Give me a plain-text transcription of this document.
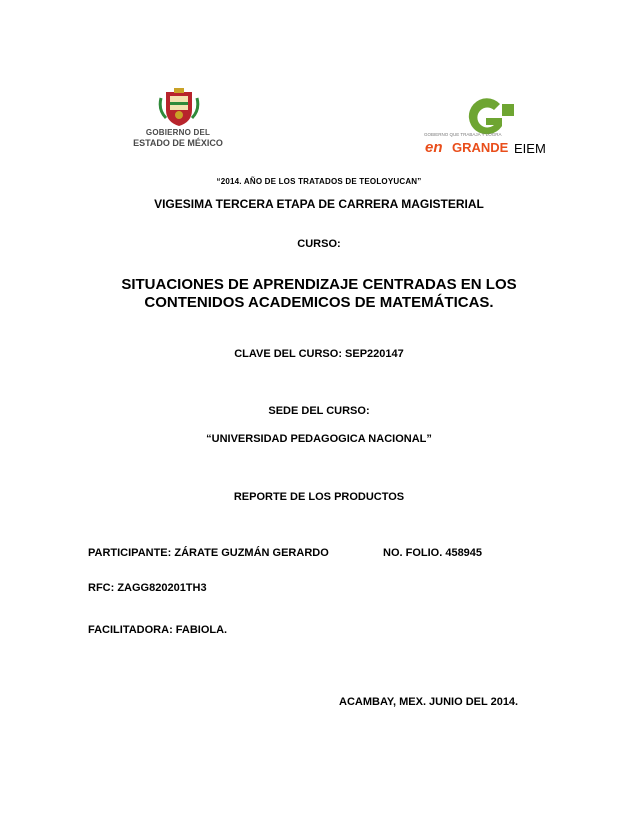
GOBIERNO DEL
ESTADO DE MÉXICO
GOBIERNO QUE TRABAJA Y LOGRA
en GRANDE EIEM
“2014. AÑO DE LOS TRATADOS DE TEOLOYUCAN”
VIGESIMA TERCERA ETAPA DE CARRERA MAGISTERIAL
CURSO:
SITUACIONES DE APRENDIZAJE CENTRADAS EN LOS
CONTENIDOS ACADEMICOS DE MATEMÁTICAS.
CLAVE DEL CURSO: SEP220147
SEDE DEL CURSO:
“UNIVERSIDAD PEDAGOGICA NACIONAL”
REPORTE DE LOS PRODUCTOS
PARTICIPANTE: ZÁRATE GUZMÁN GERARDO	NO. FOLIO. 458945
RFC: ZAGG820201TH3
FACILITADORA: FABIOLA.
ACAMBAY, MEX. JUNIO DEL 2014.
